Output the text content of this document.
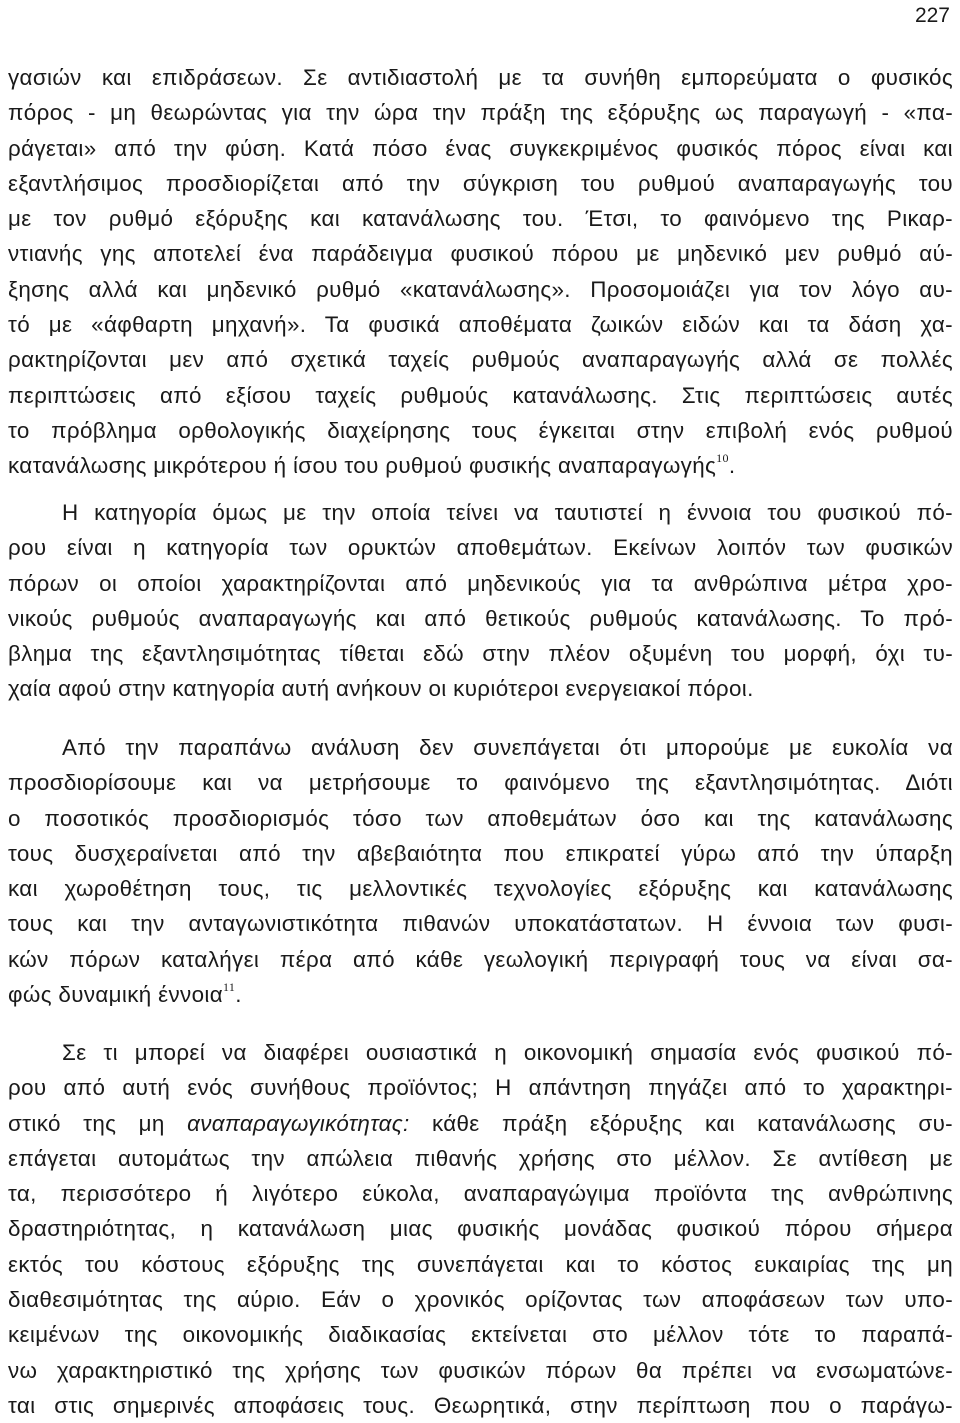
227
γασιών και επιδράσεων. Σε αντιδιαστολή με τα συνήθη εμπορεύματα ο φυσικός
πόρος - μη θεωρώντας για την ώρα την πράξη της εξόρυξης ως παραγωγή - «πα-
ράγεται» από την φύση. Κατά πόσο ένας συγκεκριμένος φυσικός πόρος είναι και
εξαντλήσιμος προσδιορίζεται από την σύγκριση του ρυθμού αναπαραγωγής του
με τον ρυθμό εξόρυξης και κατανάλωσης του. Έτσι, το φαινόμενο της Ρικαρ-
ντιανής γης αποτελεί ένα παράδειγμα φυσικού πόρου με μηδενικό μεν ρυθμό αύ-
ξησης αλλά και μηδενικό ρυθμό «κατανάλωσης». Προσομοιάζει για τον λόγο αυ-
τό με «άφθαρτη μηχανή». Τα φυσικά αποθέματα ζωικών ειδών και τα δάση χα-
ρακτηρίζονται μεν από σχετικά ταχείς ρυθμούς αναπαραγωγής αλλά σε πολλές
περιπτώσεις από εξίσου ταχείς ρυθμούς κατανάλωσης. Στις περιπτώσεις αυτές
το πρόβλημα ορθολογικής διαχείρησης τους έγκειται στην επιβολή ενός ρυθμού
κατανάλωσης μικρότερου ή ίσου του ρυθμού φυσικής αναπαραγωγής$^{10}$.
Η κατηγορία όμως με την οποία τείνει να ταυτιστεί η έννοια του φυσικού πό-
ρου είναι η κατηγορία των ορυκτών αποθεμάτων. Εκείνων λοιπόν των φυσικών
πόρων οι οποίοι χαρακτηρίζονται από μηδενικούς για τα ανθρώπινα μέτρα χρο-
νικούς ρυθμούς αναπαραγωγής και από θετικούς ρυθμούς κατανάλωσης. Το πρό-
βλημα της εξαντλησιμότητας τίθεται εδώ στην πλέον οξυμένη του μορφή, όχι τυ-
χαία αφού στην κατηγορία αυτή ανήκουν οι κυριότεροι ενεργειακοί πόροι.
Από την παραπάνω ανάλυση δεν συνεπάγεται ότι μπορούμε με ευκολία να
προσδιορίσουμε και να μετρήσουμε το φαινόμενο της εξαντλησιμότητας. Διότι
ο ποσοτικός προσδιορισμός τόσο των αποθεμάτων όσο και της κατανάλωσης
τους δυσχεραίνεται από την αβεβαιότητα που επικρατεί γύρω από την ύπαρξη
και χωροθέτηση τους, τις μελλοντικές τεχνολογίες εξόρυξης και κατανάλωσης
τους και την ανταγωνιστικότητα πιθανών υποκατάστατων. Η έννοια των φυσι-
κών πόρων καταλήγει πέρα από κάθε γεωλογική περιγραφή τους να είναι σα-
φώς δυναμική έννοια$^{11}$.
Σε τι μπορεί να διαφέρει ουσιαστικά η οικονομική σημασία ενός φυσικού πό-
ρου από αυτή ενός συνήθους προϊόντος; Η απάντηση πηγάζει από το χαρακτηρι-
στικό της μη αναπαραγωγικότητας: κάθε πράξη εξόρυξης και κατανάλωσης συ-
επάγεται αυτομάτως την απώλεια πιθανής χρήσης στο μέλλον. Σε αντίθεση με
τα, περισσότερο ή λιγότερο εύκολα, αναπαραγώγιμα προϊόντα της ανθρώπινης
δραστηριότητας, η κατανάλωση μιας φυσικής μονάδας φυσικού πόρου σήμερα
εκτός του κόστους εξόρυξης της συνεπάγεται και το κόστος ευκαιρίας της μη
διαθεσιμότητας της αύριο. Εάν ο χρονικός ορίζοντας των αποφάσεων των υπο-
κειμένων της οικονομικής διαδικασίας εκτείνεται στο μέλλον τότε το παραπά-
νω χαρακτηριστικό της χρήσης των φυσικών πόρων θα πρέπει να ενσωματώνε-
ται στις σημερινές αποφάσεις τους. Θεωρητικά, στην περίπτωση που ο παράγω-
